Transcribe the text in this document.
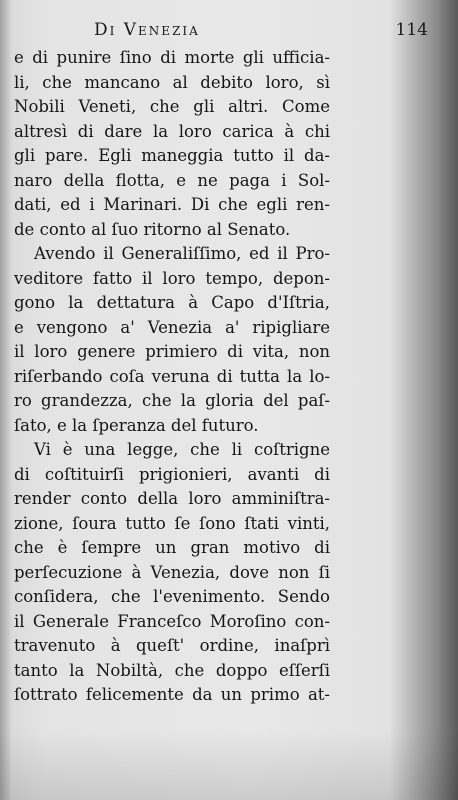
Di Venezia	114
e di punire ſino di morte gli ufficia-
li, che mancano al debito loro, sì
Nobili Veneti, che gli altri. Come
altresì di dare la loro carica à chi
gli pare. Egli maneggia tutto il da-
naro della flotta, e ne paga i Sol-
dati, ed i Marinari. Di che egli ren-
de conto al ſuo ritorno al Senato.
Avendo il Generaliſſimo, ed il Pro-
veditore fatto il loro tempo, depon-
gono la dettatura à Capo d'Iſtria,
e vengono a' Venezia a' ripigliare
il loro genere primiero di vita, non
riſerbando coſa veruna di tutta la lo-
ro grandezza, che la gloria del paſ-
ſato, e la ſperanza del futuro.
Vi è una legge, che li coſtrigne
di coſtituirſi prigionieri, avanti di
render conto della loro amminiſtra-
zione, ſoura tutto ſe ſono ſtati vinti,
che è ſempre un gran motivo di
perſecuzione à Venezia, dove non ſi
conſidera, che l'evenimento. Sendo
il Generale Franceſco Moroſino con-
travenuto à queſt' ordine, inaſprì
tanto la Nobiltà, che doppo eſſerſi
ſottrato felicemente da un primo at-
